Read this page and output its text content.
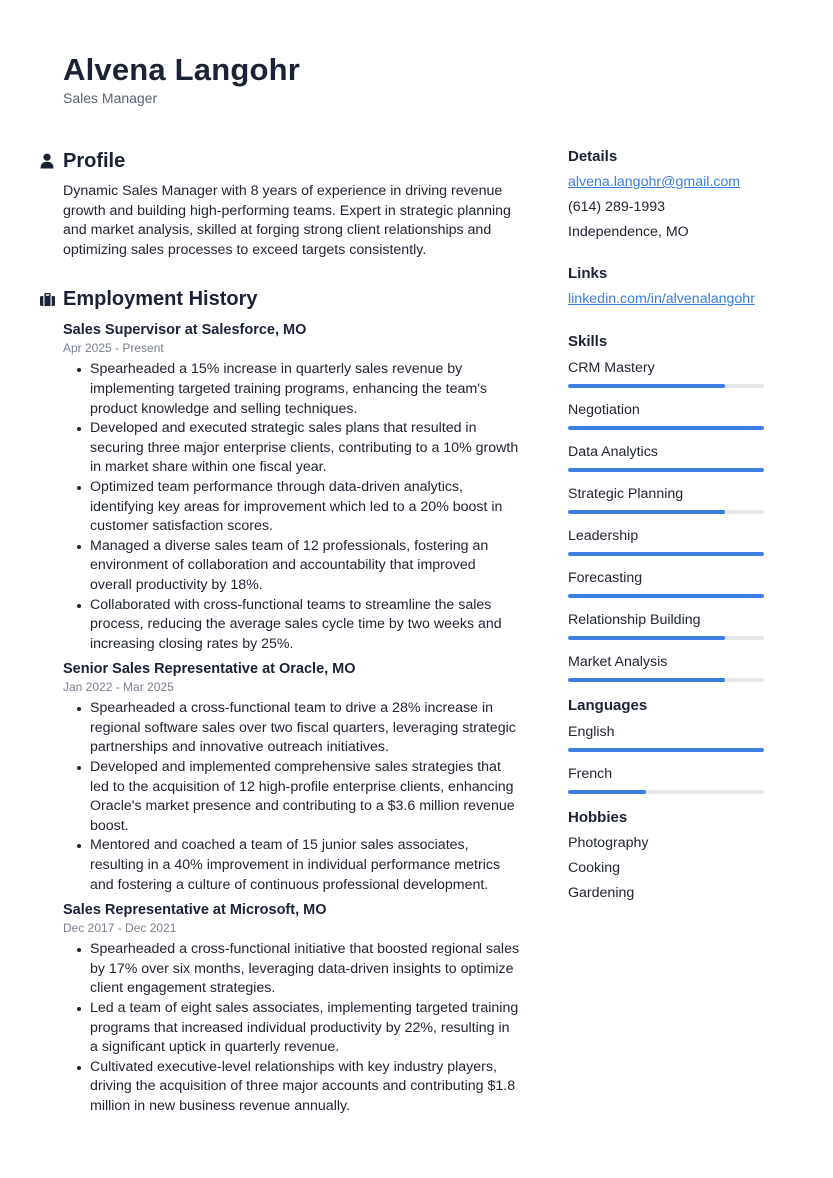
Alvena Langohr
Sales Manager
Profile

Dynamic Sales Manager with 8 years of experience in driving revenue growth and building high-performing teams. Expert in strategic planning and market analysis, skilled at forging strong client relationships and optimizing sales processes to exceed targets consistently.

Employment History
Sales Supervisor at Salesforce, MO
Apr 2025 - Present
Spearheaded a 15% increase in quarterly sales revenue by implementing targeted training programs, enhancing the team's product knowledge and selling techniques.
Developed and executed strategic sales plans that resulted in securing three major enterprise clients, contributing to a 10% growth in market share within one fiscal year.
Optimized team performance through data-driven analytics, identifying key areas for improvement which led to a 20% boost in customer satisfaction scores.
Managed a diverse sales team of 12 professionals, fostering an environment of collaboration and accountability that improved overall productivity by 18%.
Collaborated with cross-functional teams to streamline the sales process, reducing the average sales cycle time by two weeks and increasing closing rates by 25%.
Senior Sales Representative at Oracle, MO
Jan 2022 - Mar 2025
Spearheaded a cross-functional team to drive a 28% increase in regional software sales over two fiscal quarters, leveraging strategic partnerships and innovative outreach initiatives.
Developed and implemented comprehensive sales strategies that led to the acquisition of 12 high-profile enterprise clients, enhancing Oracle's market presence and contributing to a $3.6 million revenue boost.
Mentored and coached a team of 15 junior sales associates, resulting in a 40% improvement in individual performance metrics and fostering a culture of continuous professional development.
Sales Representative at Microsoft, MO
Dec 2017 - Dec 2021
Spearheaded a cross-functional initiative that boosted regional sales by 17% over six months, leveraging data-driven insights to optimize client engagement strategies.
Led a team of eight sales associates, implementing targeted training programs that increased individual productivity by 22%, resulting in a significant uptick in quarterly revenue.
Cultivated executive-level relationships with key industry players, driving the acquisition of three major accounts and contributing $1.8 million in new business revenue annually.
Details
alvena.langohr@gmail.com
(614) 289-1993
Independence, MO
Links
linkedin.com/in/alvenalangohr
Skills
CRM Mastery
Negotiation
Data Analytics
Strategic Planning
Leadership
Forecasting
Relationship Building
Market Analysis
Languages
English
French
Hobbies
Photography
Cooking
Gardening
